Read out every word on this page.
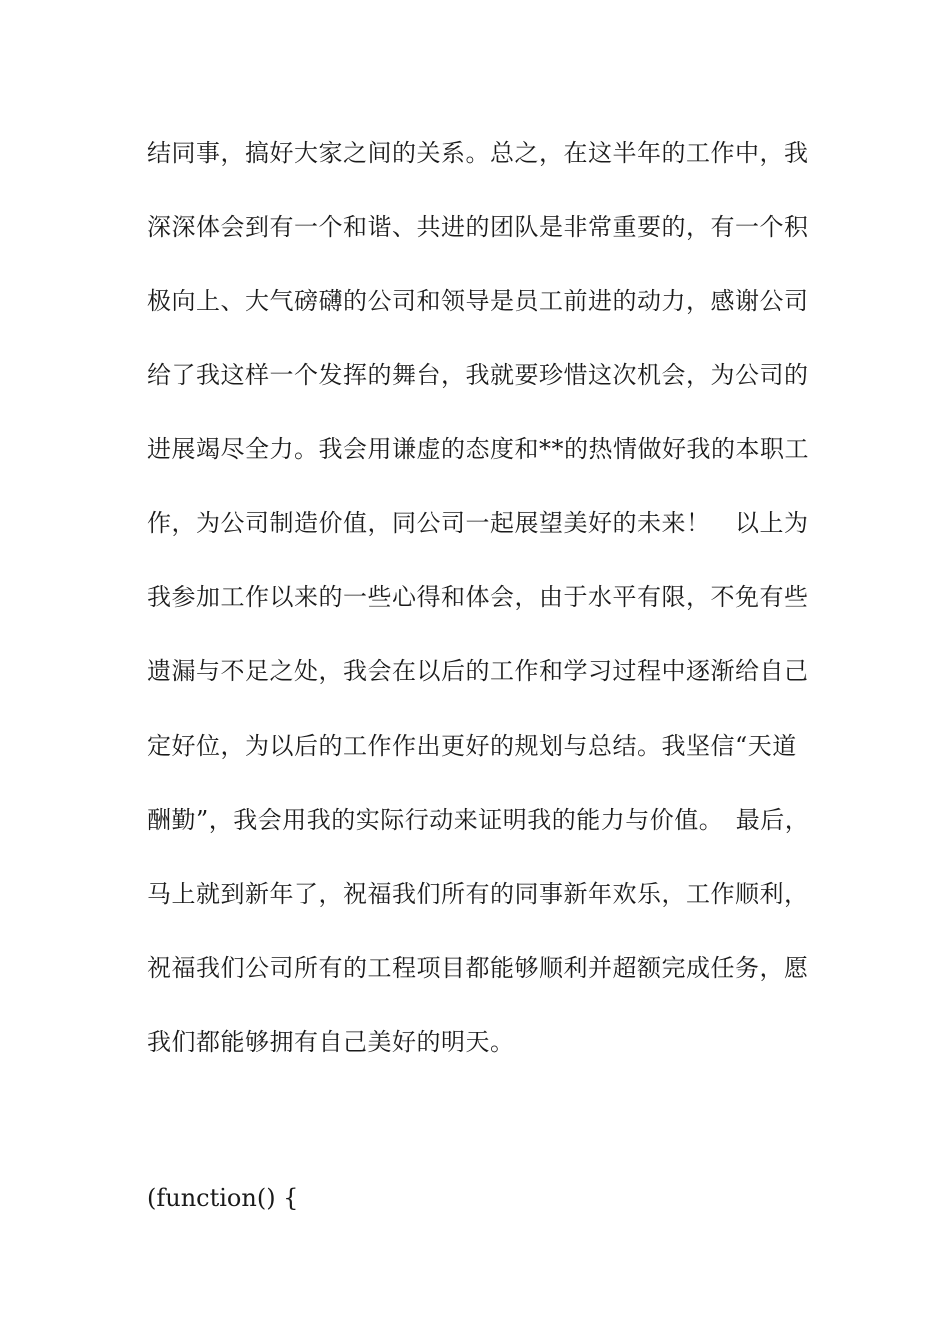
结同事，搞好大家之间的关系。总之，在这半年的工作中，我
深深体会到有一个和谐、共进的团队是非常重要的，有一个积
极向上、大气磅礴的公司和领导是员工前进的动力，感谢公司
给了我这样一个发挥的舞台，我就要珍惜这次机会，为公司的
进展竭尽全力。我会用谦虚的态度和**的热情做好我的本职工
作，为公司制造价值，同公司一起展望美好的未来！　以上为
我参加工作以来的一些心得和体会，由于水平有限，不免有些
遗漏与不足之处，我会在以后的工作和学习过程中逐渐给自己
定好位，为以后的工作作出更好的规划与总结。我坚信“天道
酬勤”，我会用我的实际行动来证明我的能力与价值。　最后，
马上就到新年了，祝福我们所有的同事新年欢乐，工作顺利，
祝福我们公司所有的工程项目都能够顺利并超额完成任务，愿
我们都能够拥有自己美好的明天。
(function() {
